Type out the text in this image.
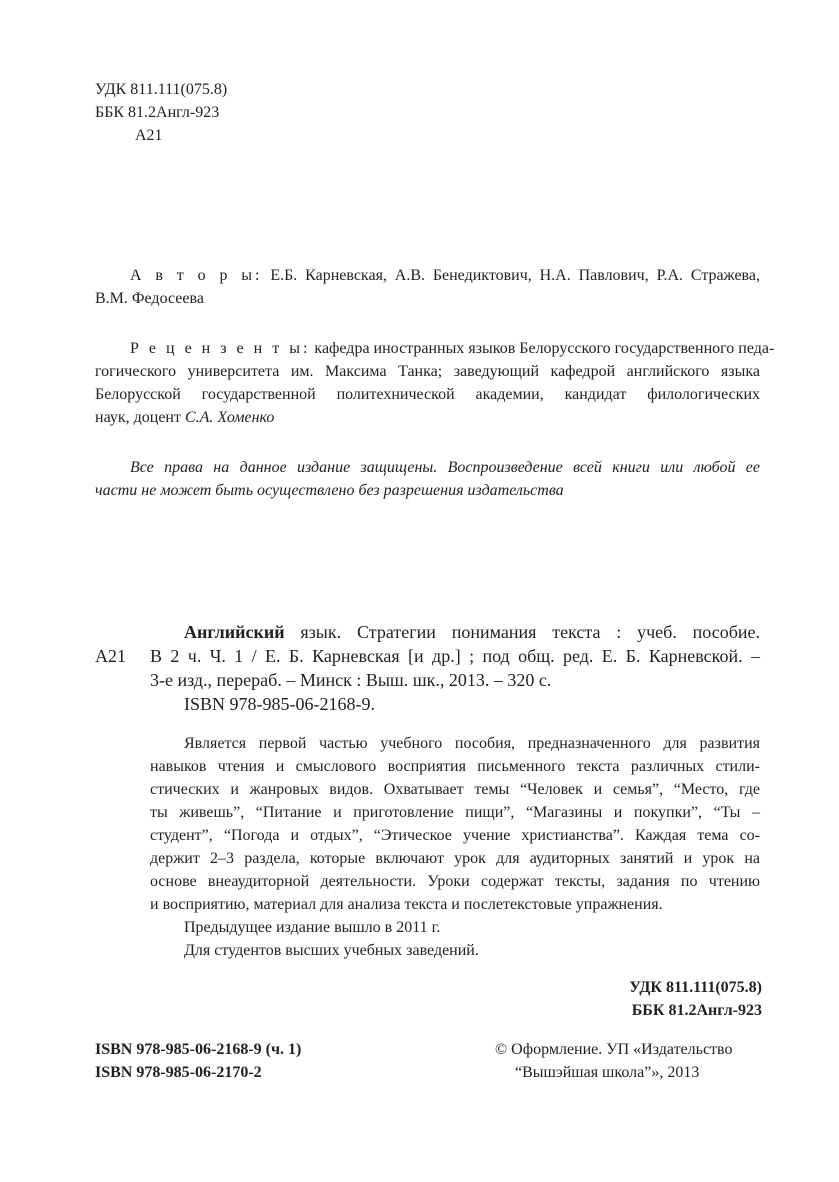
УДК 811.111(075.8)
ББК 81.2Англ-923
А21
А в т о р ы: Е.Б. Карневская, А.В. Бенедиктович, Н.А. Павлович, Р.А. Стражева,
В.М. Федосеева
Р е ц е н з е н т ы: кафедра иностранных языков Белорусского государственного педа-
гогического университета им. Максима Танка; заведующий кафедрой английского языка
Белорусской государственной политехнической академии, кандидат филологических
наук, доцент С.А. Хоменко
Все права на данное издание защищены. Воспроизведение всей книги или любой ее
части не может быть осуществлено без разрешения издательства
Английский язык. Стратегии понимания текста : учеб. пособие.
А21 В 2 ч. Ч. 1 / Е. Б. Карневская [и др.] ; под общ. ред. Е. Б. Карневской. –
3-е изд., перераб. – Минск : Выш. шк., 2013. – 320 с.
ISBN 978-985-06-2168-9.
Является первой частью учебного пособия, предназначенного для развития
навыков чтения и смыслового восприятия письменного текста различных стили-
стических и жанровых видов. Охватывает темы “Человек и семья”, “Место, где
ты живешь”, “Питание и приготовление пищи”, “Магазины и покупки”, “Ты –
студент”, “Погода и отдых”, “Этическое учение христианства”. Каждая тема со-
держит 2–3 раздела, которые включают урок для аудиторных занятий и урок на
основе внеаудиторной деятельности. Уроки содержат тексты, задания по чтению
и восприятию, материал для анализа текста и послетекстовые упражнения.
Предыдущее издание вышло в 2011 г.
Для студентов высших учебных заведений.
УДК 811.111(075.8)
ББК 81.2Англ-923
ISBN 978-985-06-2168-9 (ч. 1)
ISBN 978-985-06-2170-2
© Оформление. УП «Издательство
“Вышэйшая школа”», 2013
